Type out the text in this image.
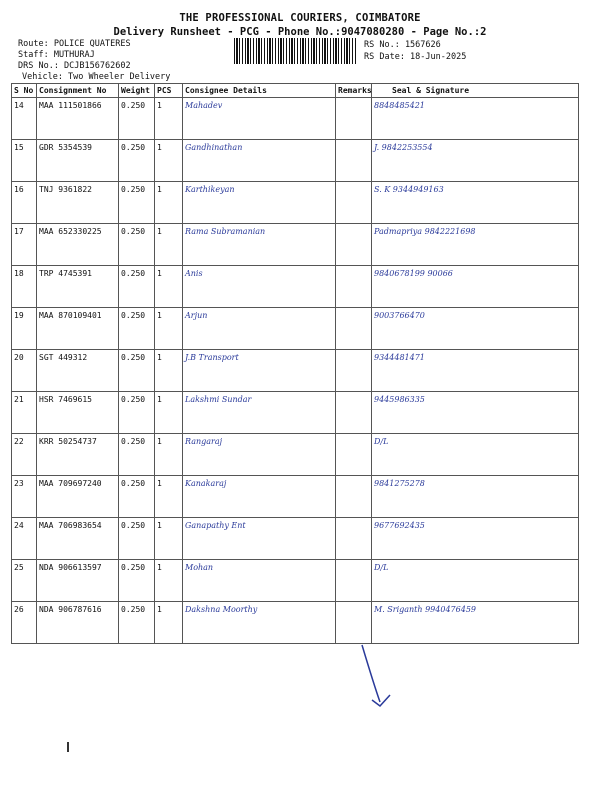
THE PROFESSIONAL COURIERS, COIMBATORE
Delivery Runsheet - PCG - Phone No.:9047080280 - Page No.:2
Route: POLICE QUATERES
Staff: MUTHURAJ
DRS No.: DCJB156762602
Vehicle: Two Wheeler Delivery
RS No.: 1567626
RS Date: 18-Jun-2025
S No	Consignment No	Weight	PCS	Consignee Details	Remarks	Seal & Signature
14	MAA 111501866	0.250	1	Mahadev		8848485421
15	GDR 5354539	0.250	1	Gandhinathan		J. 9842253554
16	TNJ 9361822	0.250	1	Karthikeyan		S. K 9344949163
17	MAA 652330225	0.250	1	Rama Subramanian		Padmapriya 9842221698
18	TRP 4745391	0.250	1	Anis		9840678199 90066
19	MAA 870109401	0.250	1	Arjun		9003766470
20	SGT 449312	0.250	1	J.B Transport		9344481471
21	HSR 7469615	0.250	1	Lakshmi Sundar		9445986335
22	KRR 50254737	0.250	1	Rangaraj		D/L
23	MAA 709697240	0.250	1	Kanakaraj		9841275278
24	MAA 706983654	0.250	1	Ganapathy Ent		9677692435
25	NDA 906613597	0.250	1	Mohan		D/L
26	NDA 906787616	0.250	1	Dakshna Moorthy		M. Sriganth 9940476459
